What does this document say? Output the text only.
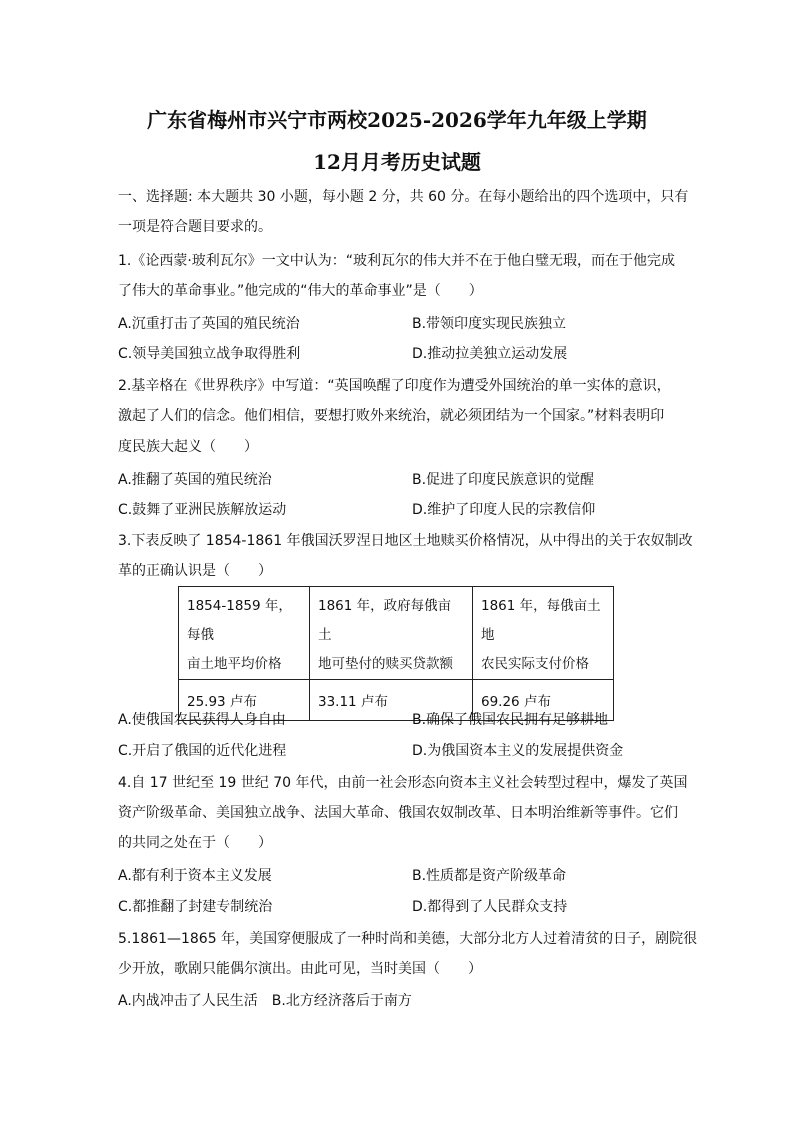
广东省梅州市兴宁市两校2025-2026学年九年级上学期
12月月考历史试题
一、选择题: 本大题共 30 小题，每小题 2 分，共 60 分。在每小题给出的四个选项中，只有
一项是符合题目要求的。
1.《论西蒙·玻利瓦尔》一文中认为：“玻利瓦尔的伟大并不在于他白璧无瑕，而在于他完成
了伟大的革命事业。”他完成的“伟大的革命事业”是（　　）
A.沉重打击了英国的殖民统治	B.带领印度实现民族独立
C.领导美国独立战争取得胜利	D.推动拉美独立运动发展
2.基辛格在《世界秩序》中写道：“英国唤醒了印度作为遭受外国统治的单一实体的意识，
激起了人们的信念。他们相信，要想打败外来统治，就必须团结为一个国家。”材料表明印
度民族大起义（　　）
A.推翻了英国的殖民统治	B.促进了印度民族意识的觉醒
C.鼓舞了亚洲民族解放运动	D.维护了印度人民的宗教信仰
3.下表反映了 1854-1861 年俄国沃罗涅日地区土地赎买价格情况，从中得出的关于农奴制改
革的正确认识是（　　）
1854-1859 年，每俄
亩土地平均价格	1861 年，政府每俄亩土
地可垫付的赎买贷款额	1861 年，每俄亩土地
农民实际支付价格
25.93 卢布	33.11 卢布	69.26 卢布
A.使俄国农民获得人身自由	B.确保了俄国农民拥有足够耕地
C.开启了俄国的近代化进程	D.为俄国资本主义的发展提供资金
4.自 17 世纪至 19 世纪 70 年代，由前一社会形态向资本主义社会转型过程中，爆发了英国
资产阶级革命、美国独立战争、法国大革命、俄国农奴制改革、日本明治维新等事件。它们
的共同之处在于（　　）
A.都有利于资本主义发展	B.性质都是资产阶级革命
C.都推翻了封建专制统治	D.都得到了人民群众支持
5.1861—1865 年，美国穿便服成了一种时尚和美德，大部分北方人过着清贫的日子，剧院很
少开放，歌剧只能偶尔演出。由此可见，当时美国（　　）
A.内战冲击了人民生活　B.北方经济落后于南方
